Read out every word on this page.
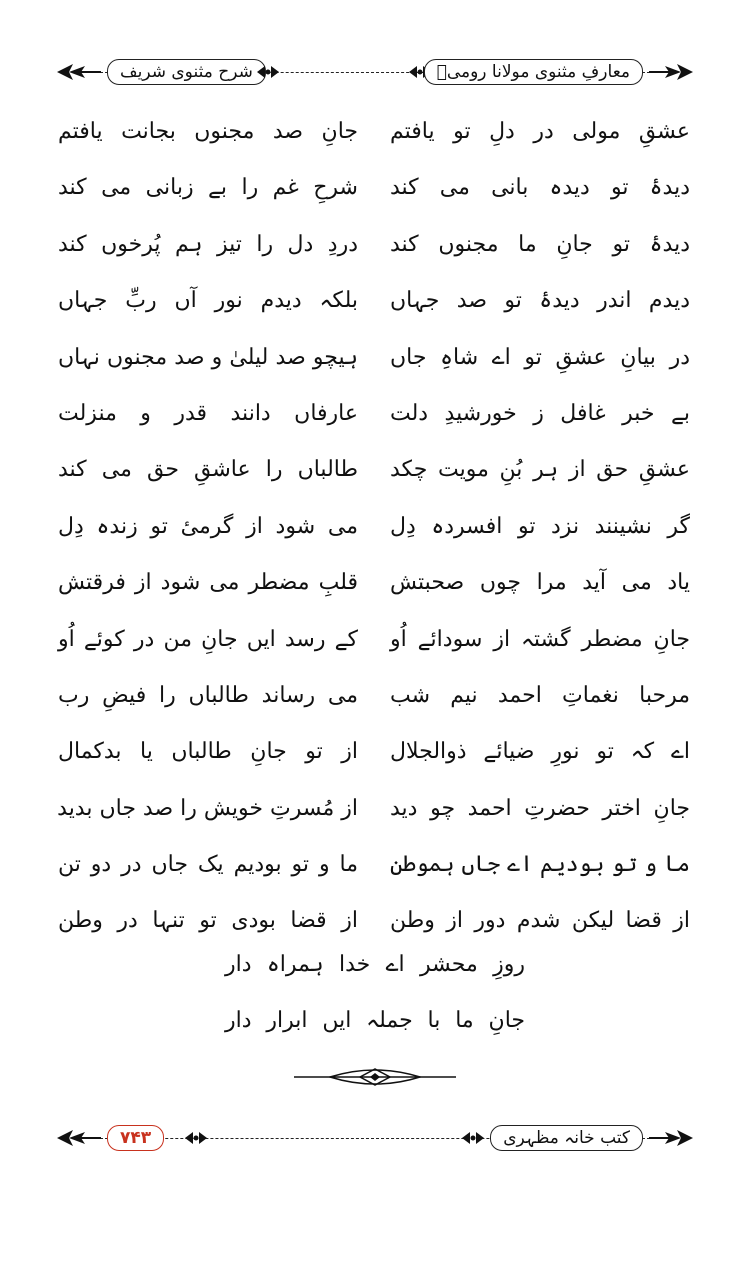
شرح مثنوی شریف	معارفِ مثنوی مولانا رومیؒ
عشقِ مولی در دلِ تو یافتم
جانِ صد مجنوں بجانت یافتم
دیدۂ تو دیدہ بانی می کند
شرحِ غم را بے زبانی می کند
دیدۂ تو جانِ ما مجنوں کند
دردِ دل را تیز ہم پُرخوں کند
دیدم اندر دیدۂ تو صد جہاں
بلکہ دیدم نور آں ربِّ جہاں
در بیانِ عشقِ تو اے شاہِ جاں
ہیچو صد لیلیٰ و صد مجنوں نہاں
بے خبر غافل ز خورشیدِ دلت
عارفاں دانند قدر و منزلت
عشقِ حق از ہر بُنِ مویت چکد
طالباں را عاشقِ حق می کند
گر نشینند نزد تو افسردہ دِل
می شود از گرمیٔ تو زندہ دِل
یاد می آید مرا چوں صحبتش
قلبِ مضطر می شود از فرقتش
جانِ مضطر گشتہ از سودائے اُو
کے رسد ایں جانِ من در کوئے اُو
مرحبا نغماتِ احمد نیم شب
می رساند طالباں را فیضِ رب
اے کہ تو نورِ ضیائے ذوالجلال
از تو جانِ طالباں یا بدکمال
جانِ اختر حضرتِ احمد چو دید
از مُسرتِ خویش را صد جاں بدید
ما و تو بودیم اے جاں ہموطن
ما و تو بودیم یک جاں در دو تن
از قضا لیکن شدم دور از وطن
از قضا بودی تو تنہا در وطن
روزِ محشر اے خدا ہمراہ دار
جانِ ما با جملہ ایں ابرار دار
۷۴۳	کتب خانہ مظہری
